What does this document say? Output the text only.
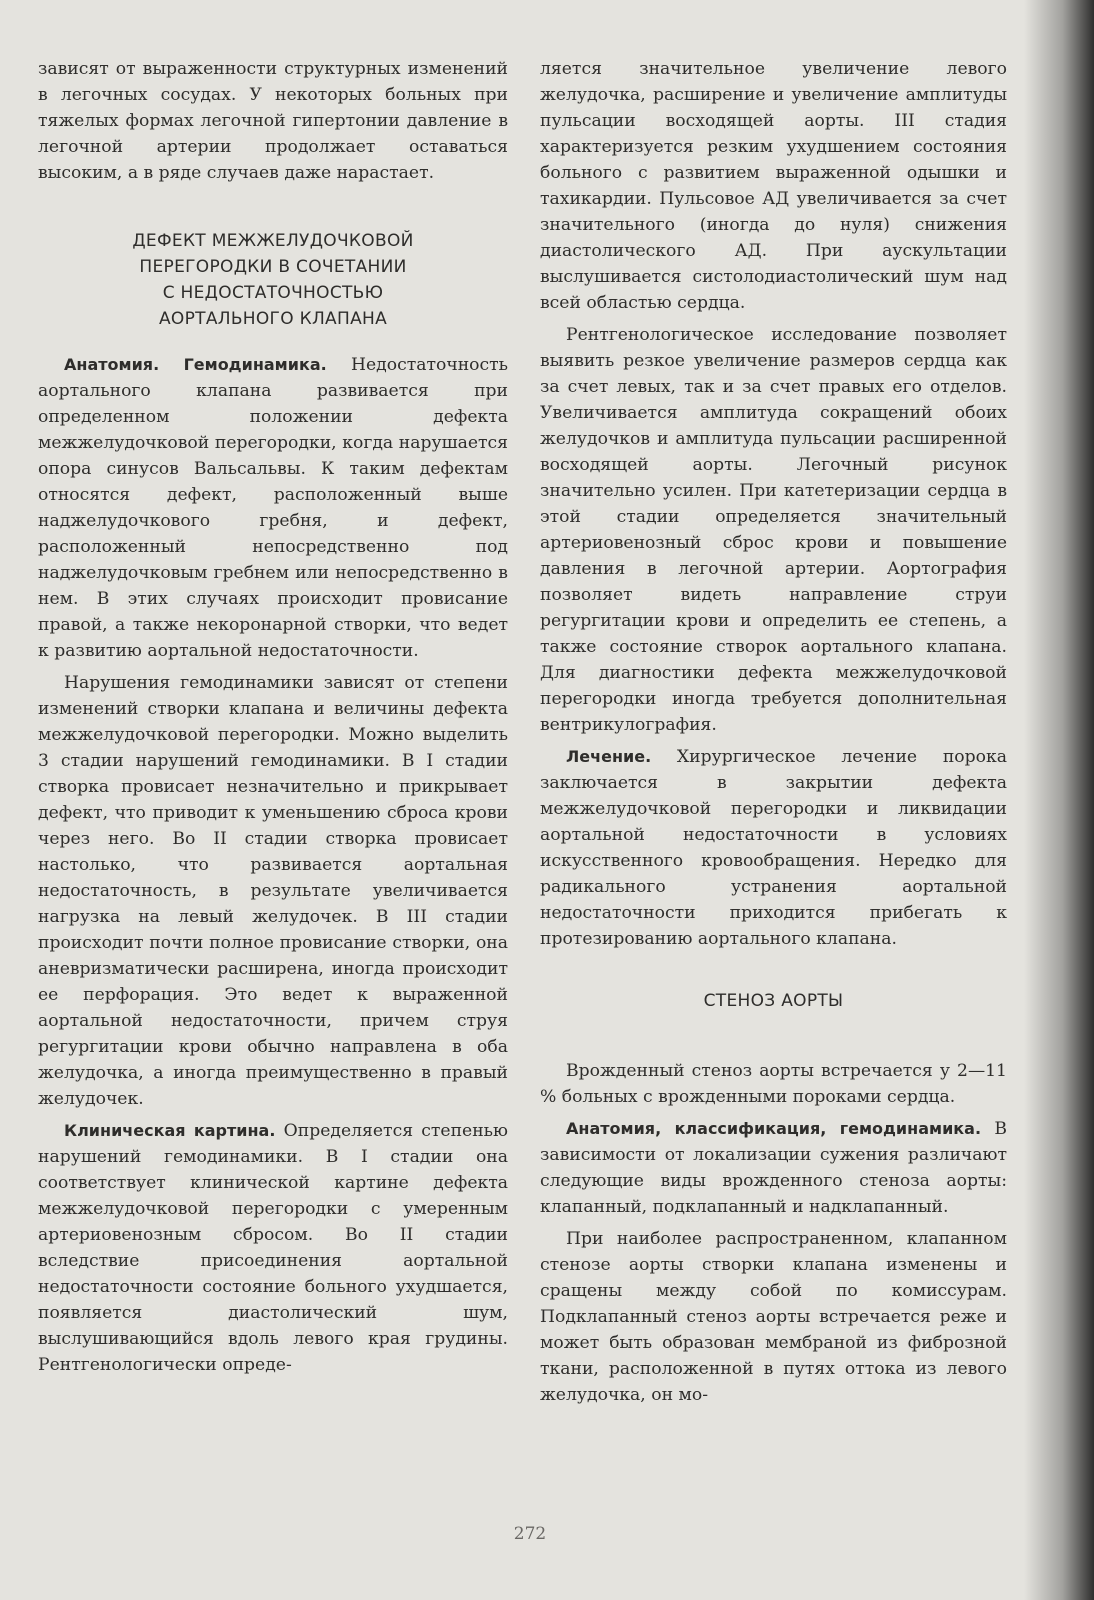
зависят от выраженности структурных изменений в легочных сосудах. У некоторых больных при тяжелых формах легочной гипертонии давление в легочной артерии продолжает оставаться высоким, а в ряде случаев даже нарастает.

ДЕФЕКТ МЕЖЖЕЛУДОЧКОВОЙ
ПЕРЕГОРОДКИ В СОЧЕТАНИИ
С НЕДОСТАТОЧНОСТЬЮ
АОРТАЛЬНОГО КЛАПАНА

Анатомия. Гемодинамика. Недостаточность аортального клапана развивается при определенном положении дефекта межжелудочковой перегородки, когда нарушается опора синусов Вальсальвы. К таким дефектам относятся дефект, расположенный выше наджелудочкового гребня, и дефект, расположенный непосредственно под наджелудочковым гребнем или непосредственно в нем. В этих случаях происходит провисание правой, а также некоронарной створки, что ведет к развитию аортальной недостаточности.

Нарушения гемодинамики зависят от степени изменений створки клапана и величины дефекта межжелудочковой перегородки. Можно выделить 3 стадии нарушений гемодинамики. В I стадии створка провисает незначительно и прикрывает дефект, что приводит к уменьшению сброса крови через него. Во II стадии створка провисает настолько, что развивается аортальная недостаточность, в результате увеличивается нагрузка на левый желудочек. В III стадии происходит почти полное провисание створки, она аневризматически расширена, иногда происходит ее перфорация. Это ведет к выраженной аортальной недостаточности, причем струя регургитации крови обычно направлена в оба желудочка, а иногда преимущественно в правый желудочек.

Клиническая картина. Определяется степенью нарушений гемодинамики. В I стадии она соответствует клинической картине дефекта межжелудочковой перегородки с умеренным артериовенозным сбросом. Во II стадии вследствие присоединения аортальной недостаточности состояние больного ухудшается, появляется диастолический шум, выслушивающийся вдоль левого края грудины. Рентгенологически опреде-

ляется значительное увеличение левого желудочка, расширение и увеличение амплитуды пульсации восходящей аорты. III стадия характеризуется резким ухудшением состояния больного с развитием выраженной одышки и тахикардии. Пульсовое АД увеличивается за счет значительного (иногда до нуля) снижения диастолического АД. При аускультации выслушивается систолодиастолический шум над всей областью сердца.

Рентгенологическое исследование позволяет выявить резкое увеличение размеров сердца как за счет левых, так и за счет правых его отделов. Увеличивается амплитуда сокращений обоих желудочков и амплитуда пульсации расширенной восходящей аорты. Легочный рисунок значительно усилен. При катетеризации сердца в этой стадии определяется значительный артериовенозный сброс крови и повышение давления в легочной артерии. Аортография позволяет видеть направление струи регургитации крови и определить ее степень, а также состояние створок аортального клапана. Для диагностики дефекта межжелудочковой перегородки иногда требуется дополнительная вентрикулография.

Лечение. Хирургическое лечение порока заключается в закрытии дефекта межжелудочковой перегородки и ликвидации аортальной недостаточности в условиях искусственного кровообращения. Нередко для радикального устранения аортальной недостаточности приходится прибегать к протезированию аортального клапана.

СТЕНОЗ АОРТЫ

Врожденный стеноз аорты встречается у 2—11 % больных с врожденными пороками сердца.

Анатомия, классификация, гемодинамика. В зависимости от локализации сужения различают следующие виды врожденного стеноза аорты: клапанный, подклапанный и надклапанный.

При наиболее распространенном, клапанном стенозе аорты створки клапана изменены и сращены между собой по комиссурам. Подклапанный стеноз аорты встречается реже и может быть образован мембраной из фиброзной ткани, расположенной в путях оттока из левого желудочка, он мо-

272
